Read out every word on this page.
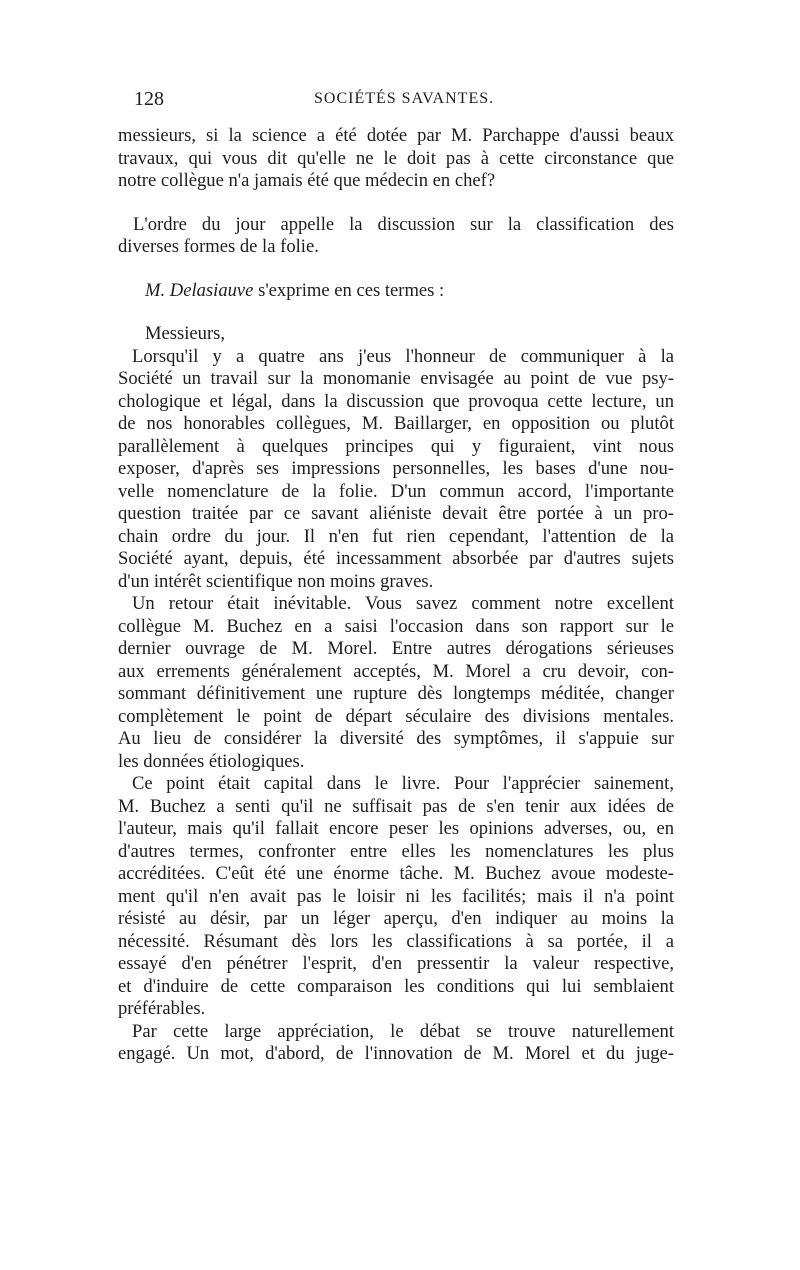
128	SOCIÉTÉS SAVANTES.
messieurs, si la science a été dotée par M. Parchappe d'aussi beaux
travaux, qui vous dit qu'elle ne le doit pas à cette circonstance que
notre collègue n'a jamais été que médecin en chef?
L'ordre du jour appelle la discussion sur la classification des
diverses formes de la folie.
M. Delasiauve s'exprime en ces termes :
Messieurs,
Lorsqu'il y a quatre ans j'eus l'honneur de communiquer à la
Société un travail sur la monomanie envisagée au point de vue psy-
chologique et légal, dans la discussion que provoqua cette lecture, un
de nos honorables collègues, M. Baillarger, en opposition ou plutôt
parallèlement à quelques principes qui y figuraient, vint nous
exposer, d'après ses impressions personnelles, les bases d'une nou-
velle nomenclature de la folie. D'un commun accord, l'importante
question traitée par ce savant aliéniste devait être portée à un pro-
chain ordre du jour. Il n'en fut rien cependant, l'attention de la
Société ayant, depuis, été incessamment absorbée par d'autres sujets
d'un intérêt scientifique non moins graves.
Un retour était inévitable. Vous savez comment notre excellent
collègue M. Buchez en a saisi l'occasion dans son rapport sur le
dernier ouvrage de M. Morel. Entre autres dérogations sérieuses
aux errements généralement acceptés, M. Morel a cru devoir, con-
sommant définitivement une rupture dès longtemps méditée, changer
complètement le point de départ séculaire des divisions mentales.
Au lieu de considérer la diversité des symptômes, il s'appuie sur
les données étiologiques.
Ce point était capital dans le livre. Pour l'apprécier sainement,
M. Buchez a senti qu'il ne suffisait pas de s'en tenir aux idées de
l'auteur, mais qu'il fallait encore peser les opinions adverses, ou, en
d'autres termes, confronter entre elles les nomenclatures les plus
accréditées. C'eût été une énorme tâche. M. Buchez avoue modeste-
ment qu'il n'en avait pas le loisir ni les facilités; mais il n'a point
résisté au désir, par un léger aperçu, d'en indiquer au moins la
nécessité. Résumant dès lors les classifications à sa portée, il a
essayé d'en pénétrer l'esprit, d'en pressentir la valeur respective,
et d'induire de cette comparaison les conditions qui lui semblaient
préférables.
Par cette large appréciation, le débat se trouve naturellement
engagé. Un mot, d'abord, de l'innovation de M. Morel et du juge-
